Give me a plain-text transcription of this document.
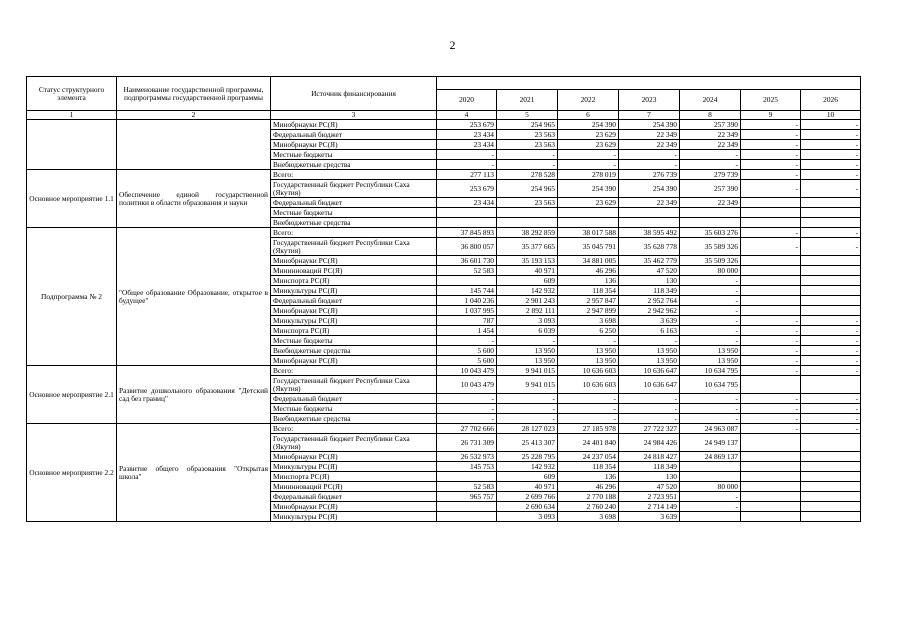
2
Статус структурного элемента	Наименование государственной программы, подпрограммы государственной программы	Источник финансирования							
			2020	2021	2022	2023	2024	2025	2026
1	2	3	4	5	6	7	8	9	10
		Минобрнауки РС(Я)	253 679	254 965	254 390	254 390	257 390	-	-
		Федеральный бюджет	23 434	23 563	23 629	22 349	22 349	-	-
		Минобрнауки РС(Я)	23 434	23 563	23 629	22 349	22 349	-	-
		Местные бюджеты	-	-	-	-	-	-	-
		Внебюджетные средства	-	-	-	-	-	-	-
Основное мероприятие 1.1	Обеспечение единой государственной политики в области образования и науки	Всего:	277 113	278 528	278 019	276 739	279 739	-	-
		Государственный бюджет Республики Саха (Якутия)	253 679	254 965	254 390	254 390	257 390	-	-
		Федеральный бюджет	23 434	23 563	23 629	22 349	22 349		
		Местные бюджеты							
		Внебюджетные средства							
Подпрограмма № 2	"Общее образование Образование, открытое в будущее"	Всего:	37 845 893	38 292 859	38 017 588	38 595 492	35 603 276	-	-
		Государственный бюджет Республики Саха (Якутия)	36 800 057	35 377 665	35 045 791	35 628 778	35 589 326	-	-
		Минобрнауки РС(Я)	36 601 730	35 193 153	34 881 005	35 462 779	35 509 326		
		Мининноваций РС(Я)	52 583	40 971	46 296	47 520	80 000		
		Минспорта РС(Я)		609	136	130	-		
		Минкультуры РС(Я)	145 744	142 932	118 354	118 349	-		
		Федеральный бюджет	1 040 236	2 901 243	2 957 847	2 952 764	-		
		Минобрнауки РС(Я)	1 037 995	2 892 111	2 947 899	2 942 962	-		
		Минкультуры РС(Я)	787	3 093	3 698	3 639	-	-	-
		Минспорта РС(Я)	1 454	6 039	6 250	6 163	-	-	-
		Местные бюджеты	-	-	-	-	-	-	-
		Внебюджетные средства	5 600	13 950	13 950	13 950	13 950	-	-
		Минобрнауки РС(Я)	5 600	13 950	13 950	13 950	13 950	-	-
Основное мероприятие 2.1	Развитие дошкольного образования "Детский сад без границ"	Всего:	10 043 479	9 941 015	10 636 603	10 636 647	10 634 795	-	-
		Государственный бюджет Республики Саха (Якутия)	10 043 479	9 941 015	10 636 603	10 636 647	10 634 795		
		Федеральный бюджет	-	-	-	-	-	-	-
		Местные бюджеты	-	-	-	-	-	-	-
		Внебюджетные средства	-	-	-	-	-	-	-
Основное мероприятие 2.2	Развитие общего образования "Открытая школа"	Всего:	27 702 666	28 127 023	27 185 978	27 722 327	24 963 087	-	-
		Государственный бюджет Республики Саха (Якутия)	26 731 309	25 413 307	24 401 840	24 984 426	24 949 137		
		Минобрнауки РС(Я)	26 532 973	25 228 795	24 237 054	24 818 427	24 869 137		
		Минкультуры РС(Я)	145 753	142 932	118 354	118 349			
		Минспорта РС(Я)		609	136	130			
		Мининноваций РС(Я)	52 583	40 971	46 296	47 520	80 000		
		Федеральный бюджет	965 757	2 699 766	2 770 188	2 723 951	-		
		Минобрнауки РС(Я)		2 690 634	2 760 240	2 714 149	-		
		Минкультуры РС(Я)		3 093	3 698	3 639			
